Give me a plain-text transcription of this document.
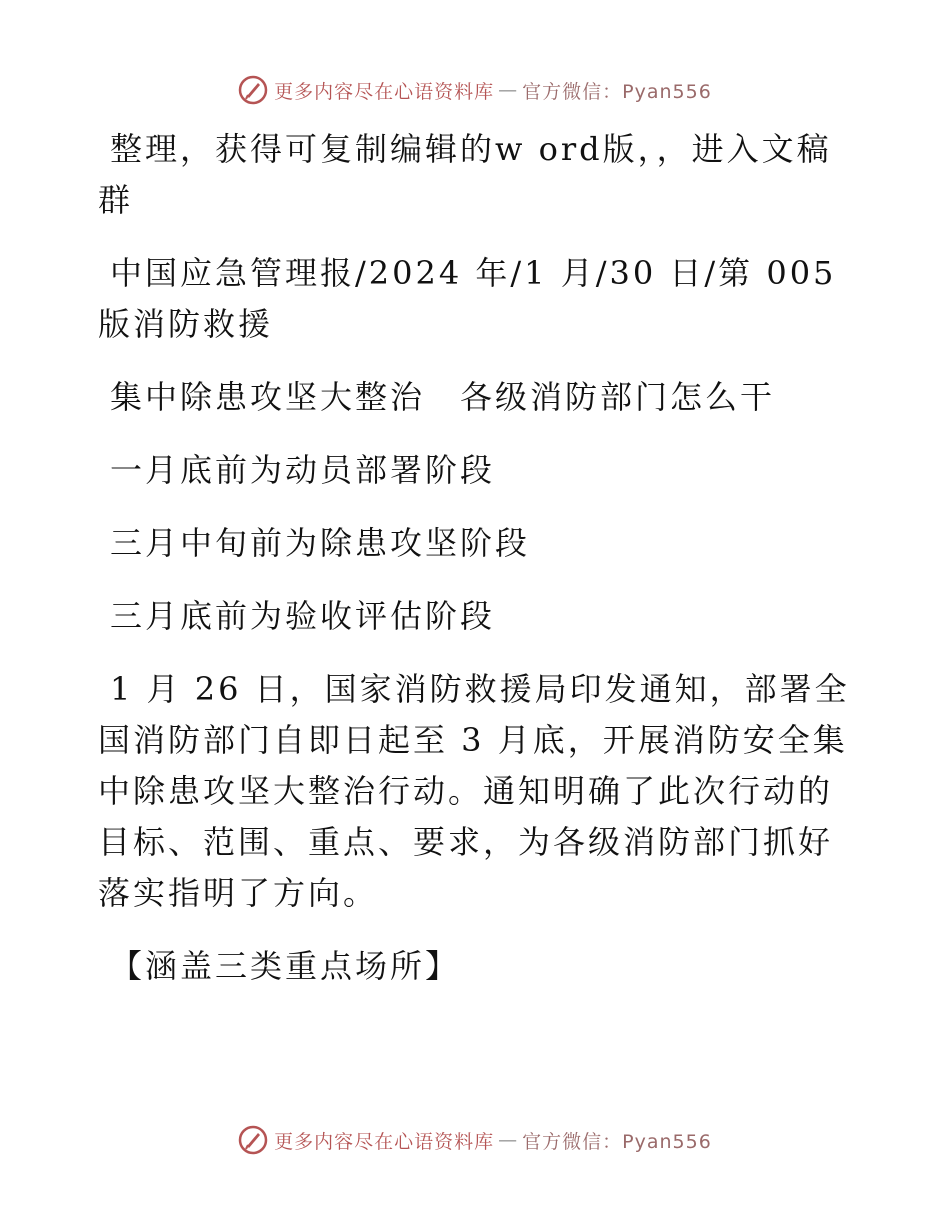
更多内容尽在心语资料库 — 官方微信：Pyan556

整理，获得可复制编辑的w ord版，，进入文稿群

中国应急管理报/2024 年/1 月/30 日/第 005 版消防救援

集中除患攻坚大整治　各级消防部门怎么干

一月底前为动员部署阶段

三月中旬前为除患攻坚阶段

三月底前为验收评估阶段

1 月 26 日，国家消防救援局印发通知，部署全国消防部门自即日起至 3 月底，开展消防安全集中除患攻坚大整治行动。通知明确了此次行动的目标、范围、重点、要求，为各级消防部门抓好落实指明了方向。

【涵盖三类重点场所】

更多内容尽在心语资料库 — 官方微信：Pyan556
